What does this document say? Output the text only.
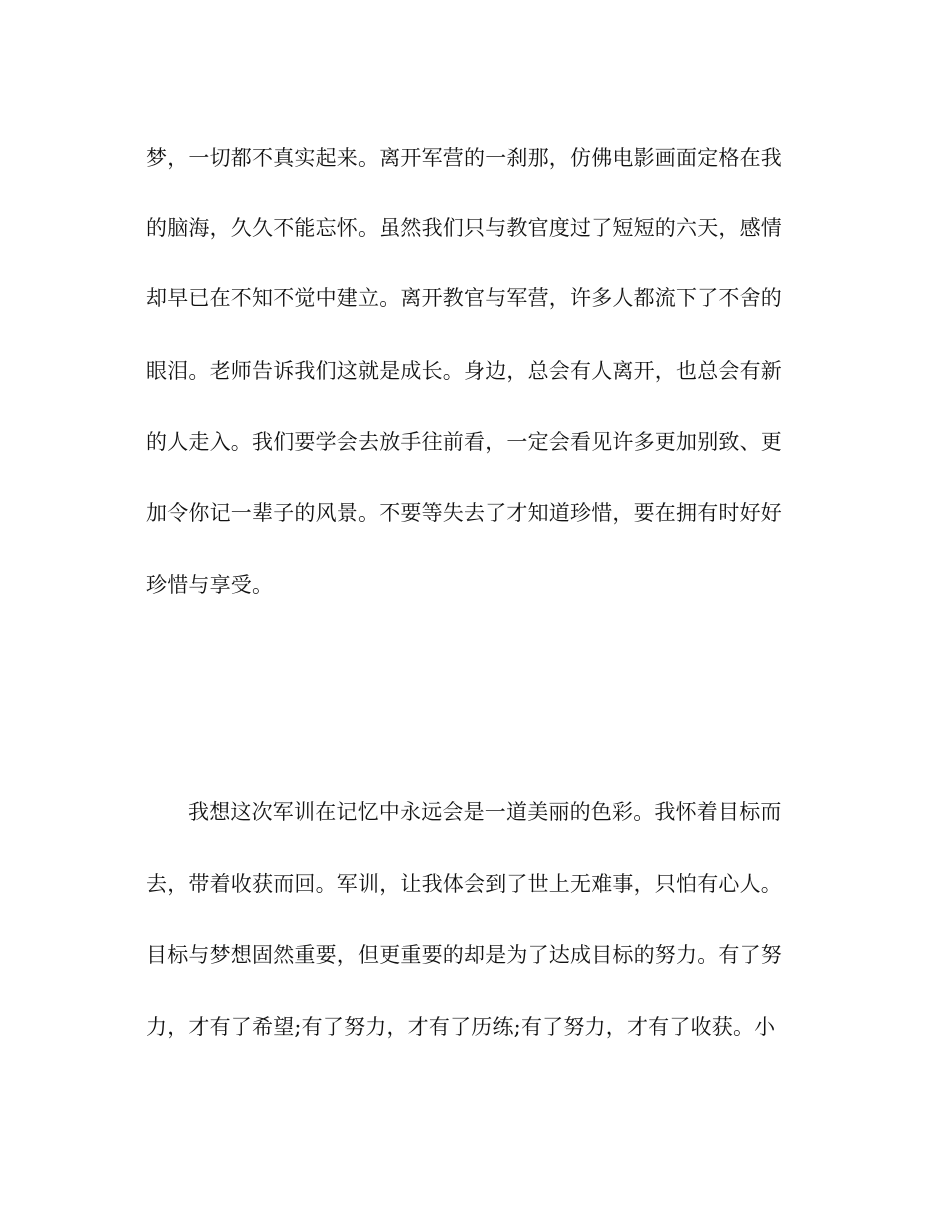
梦，一切都不真实起来。离开军营的一刹那，仿佛电影画面定格在我
的脑海，久久不能忘怀。虽然我们只与教官度过了短短的六天，感情
却早已在不知不觉中建立。离开教官与军营，许多人都流下了不舍的
眼泪。老师告诉我们这就是成长。身边，总会有人离开，也总会有新
的人走入。我们要学会去放手往前看，一定会看见许多更加别致、更
加令你记一辈子的风景。不要等失去了才知道珍惜，要在拥有时好好
珍惜与享受。
我想这次军训在记忆中永远会是一道美丽的色彩。我怀着目标而
去，带着收获而回。军训，让我体会到了世上无难事，只怕有心人。
目标与梦想固然重要，但更重要的却是为了达成目标的努力。有了努
力，才有了希望;有了努力，才有了历练;有了努力，才有了收获。小
